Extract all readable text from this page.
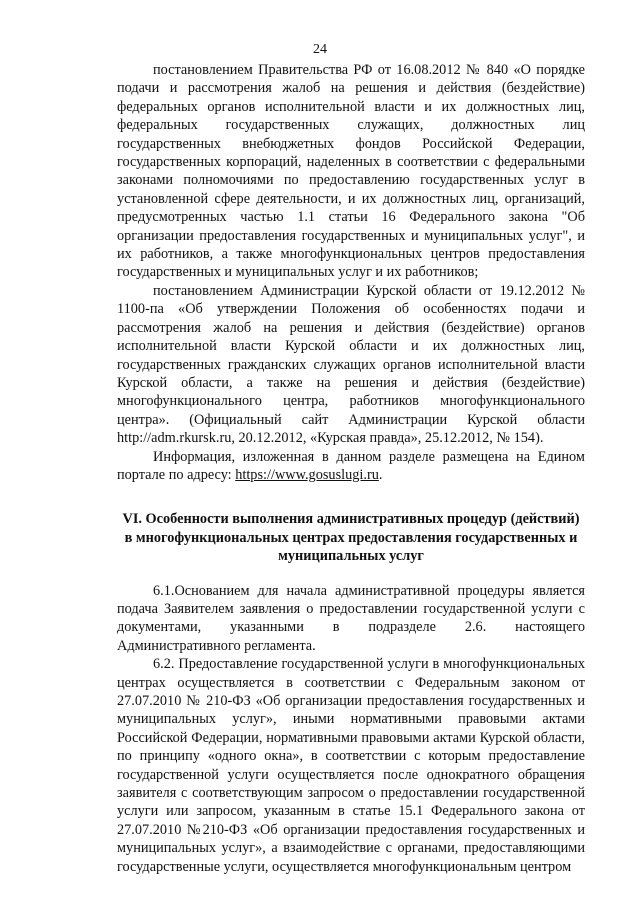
24

постановлением Правительства РФ от 16.08.2012 № 840 «О порядке подачи и рассмотрения жалоб на решения и действия (бездействие) федеральных органов исполнительной власти и их должностных лиц, федеральных государственных служащих, должностных лиц государственных внебюджетных фондов Российской Федерации, государственных корпораций, наделенных в соответствии с федеральными законами полномочиями по предоставлению государственных услуг в установленной сфере деятельности, и их должностных лиц, организаций, предусмотренных частью 1.1 статьи 16 Федерального закона "Об организации предоставления государственных и муниципальных услуг", и их работников, а также многофункциональных центров предоставления государственных и муниципальных услуг и их работников;

постановлением Администрации Курской области от 19.12.2012 № 1100-па «Об утверждении Положения об особенностях подачи и рассмотрения жалоб на решения и действия (бездействие) органов исполнительной власти Курской области и их должностных лиц, государственных гражданских служащих органов исполнительной власти Курской области, а также на решения и действия (бездействие) многофункционального центра, работников многофункционального центра». (Официальный сайт Администрации Курской области http://adm.rkursk.ru, 20.12.2012, «Курская правда», 25.12.2012, № 154).

Информация, изложенная в данном разделе размещена на Едином портале по адресу: https://www.gosuslugi.ru.

VI. Особенности выполнения административных процедур (действий) в многофункциональных центрах предоставления государственных и муниципальных услуг

6.1.Основанием для начала административной процедуры является подача Заявителем заявления о предоставлении государственной услуги с документами, указанными в подразделе 2.6. настоящего Административного регламента.

6.2. Предоставление государственной услуги в многофункциональных центрах осуществляется в соответствии с Федеральным законом от 27.07.2010 № 210-ФЗ «Об организации предоставления государственных и муниципальных услуг», иными нормативными правовыми актами Российской Федерации, нормативными правовыми актами Курской области, по принципу «одного окна», в соответствии с которым предоставление государственной услуги осуществляется после однократного обращения заявителя с соответствующим запросом о предоставлении государственной услуги или запросом, указанным в статье 15.1 Федерального закона от 27.07.2010 №210-ФЗ «Об организации предоставления государственных и муниципальных услуг», а взаимодействие с органами, предоставляющими государственные услуги, осуществляется многофункциональным центром
